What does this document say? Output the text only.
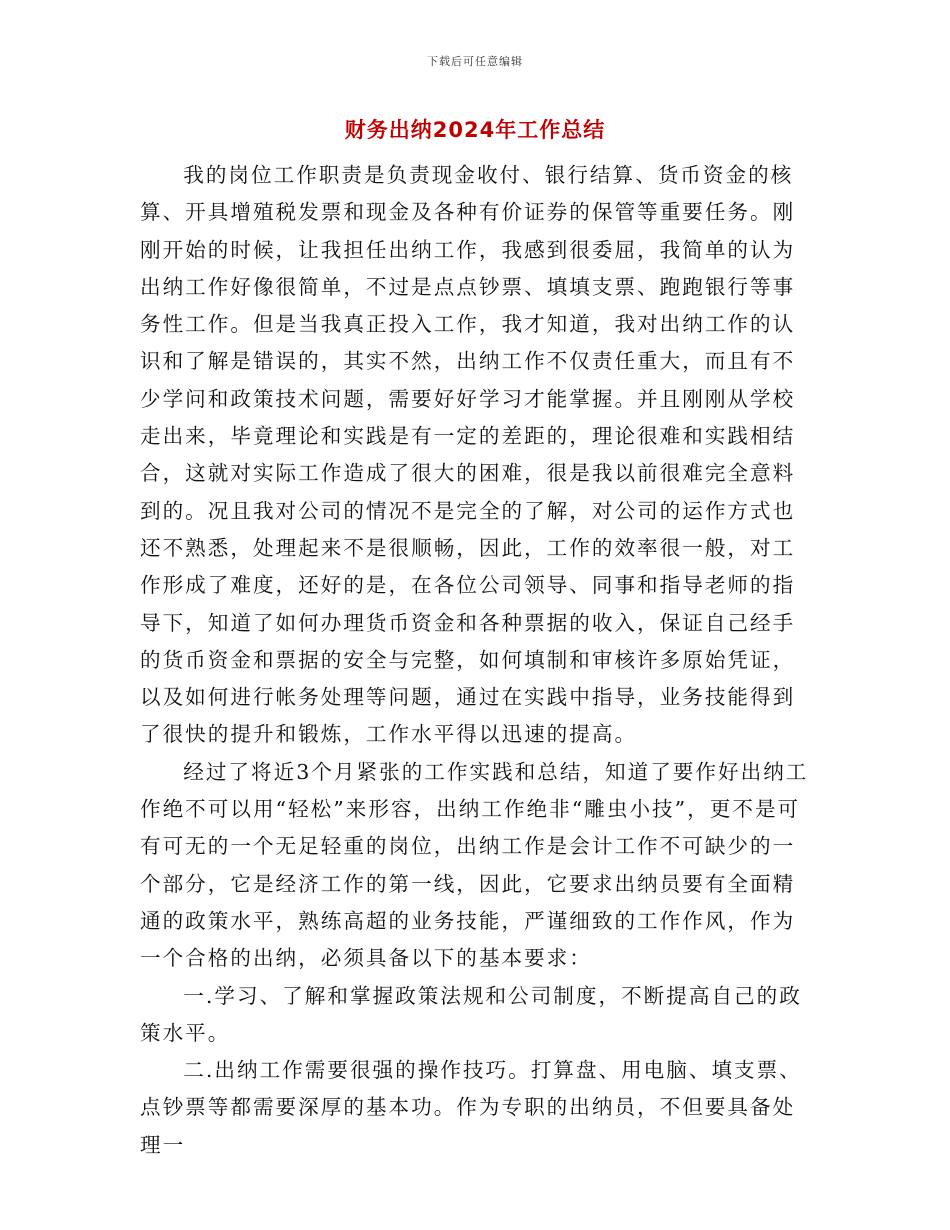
下载后可任意编辑
财务出纳2024年工作总结

我的岗位工作职责是负责现金收付、银行结算、货币资金的核算、开具增殖税发票和现金及各种有价证券的保管等重要任务。刚刚开始的时候，让我担任出纳工作，我感到很委屈，我简单的认为出纳工作好像很简单，不过是点点钞票、填填支票、跑跑银行等事务性工作。但是当我真正投入工作，我才知道，我对出纳工作的认识和了解是错误的，其实不然，出纳工作不仅责任重大，而且有不少学问和政策技术问题，需要好好学习才能掌握。并且刚刚从学校走出来，毕竟理论和实践是有一定的差距的，理论很难和实践相结合，这就对实际工作造成了很大的困难，很是我以前很难完全意料到的。况且我对公司的情况不是完全的了解，对公司的运作方式也还不熟悉，处理起来不是很顺畅，因此，工作的效率很一般，对工作形成了难度，还好的是，在各位公司领导、同事和指导老师的指导下，知道了如何办理货币资金和各种票据的收入，保证自己经手的货币资金和票据的安全与完整，如何填制和审核许多原始凭证，以及如何进行帐务处理等问题，通过在实践中指导，业务技能得到了很快的提升和锻炼，工作水平得以迅速的提高。

经过了将近3个月紧张的工作实践和总结，知道了要作好出纳工作绝不可以用“轻松”来形容，出纳工作绝非“雕虫小技”，更不是可有可无的一个无足轻重的岗位，出纳工作是会计工作不可缺少的一个部分，它是经济工作的第一线，因此，它要求出纳员要有全面精通的政策水平，熟练高超的业务技能，严谨细致的工作作风，作为一个合格的出纳，必须具备以下的基本要求：

一.学习、了解和掌握政策法规和公司制度，不断提高自己的政策水平。

二.出纳工作需要很强的操作技巧。打算盘、用电脑、填支票、点钞票等都需要深厚的基本功。作为专职的出纳员，不但要具备处理一
